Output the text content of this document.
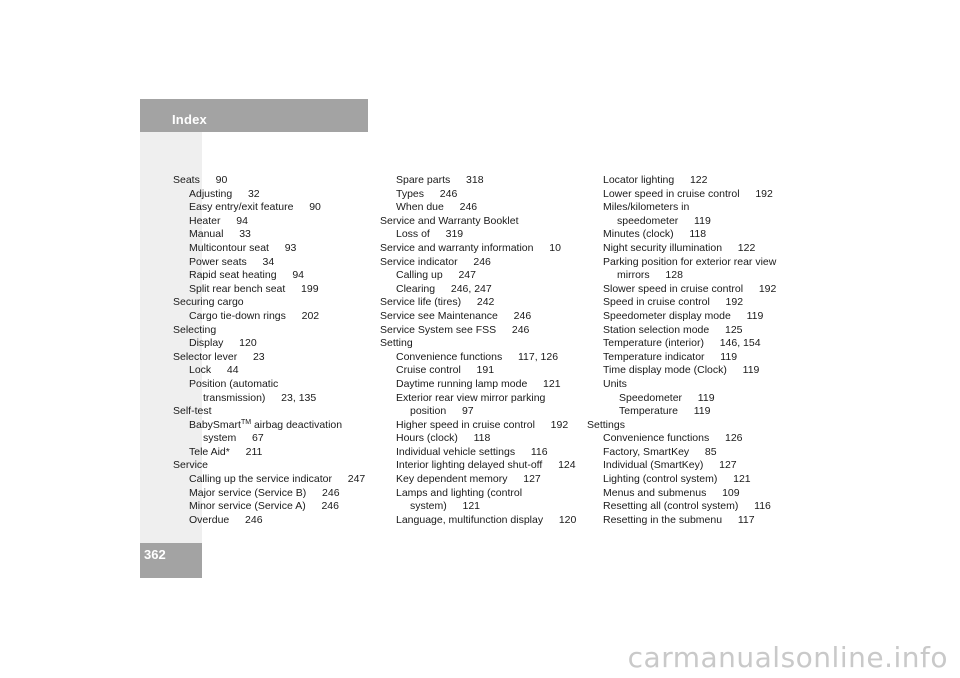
Index
362
Seats  90
Adjusting  32
Easy entry/exit feature  90
Heater  94
Manual  33
Multicontour seat  93
Power seats  34
Rapid seat heating  94
Split rear bench seat  199
Securing cargo
Cargo tie-down rings  202
Selecting
Display  120
Selector lever  23
Lock  44
Position (automatic
transmission)  23, 135
Self-test
BabySmart™ airbag deactivation
system  67
Tele Aid*  211
Service
Calling up the service indicator  247
Major service (Service B)  246
Minor service (Service A)  246
Overdue  246
Spare parts  318
Types  246
When due  246
Service and Warranty Booklet
Loss of  319
Service and warranty information  10
Service indicator  246
Calling up  247
Clearing  246, 247
Service life (tires)  242
Service see Maintenance  246
Service System see FSS  246
Setting
Convenience functions  117, 126
Cruise control  191
Daytime running lamp mode  121
Exterior rear view mirror parking
position  97
Higher speed in cruise control  192
Hours (clock)  118
Individual vehicle settings  116
Interior lighting delayed shut-off  124
Key dependent memory  127
Lamps and lighting (control
system)  121
Language, multifunction display  120
Locator lighting  122
Lower speed in cruise control  192
Miles/kilometers in
speedometer  119
Minutes (clock)  118
Night security illumination  122
Parking position for exterior rear view
mirrors  128
Slower speed in cruise control  192
Speed in cruise control  192
Speedometer display mode  119
Station selection mode  125
Temperature (interior)  146, 154
Temperature indicator  119
Time display mode (Clock)  119
Units
Speedometer  119
Temperature  119
Settings
Convenience functions  126
Factory, SmartKey  85
Individual (SmartKey)  127
Lighting (control system)  121
Menus and submenus  109
Resetting all (control system)  116
Resetting in the submenu  117
carmanualsonline.info
